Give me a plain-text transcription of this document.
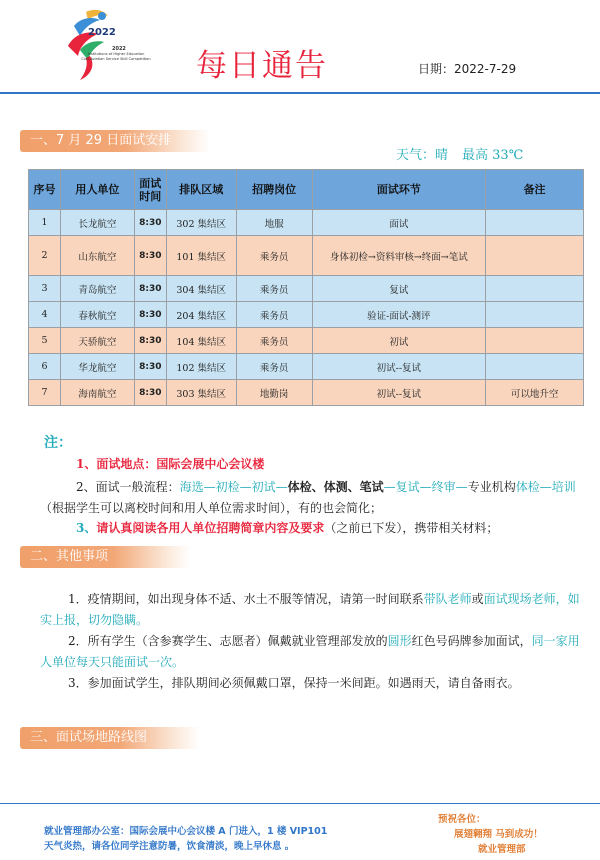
2022
2022
Institutions of Higher Education
Civil Aviation Service Skill Competition 每日通告	日期：2022-7-29
一、7 月 29 日面试安排
天气：晴 最高 33℃
序号	用人单位	面试时间	排队区域	招聘岗位	面试环节	备注
1	长龙航空	8:30	302 集结区	地服	面试	
2	山东航空	8:30	101 集结区	乘务员	身体初检→资料审核→终面→笔试	
3	青岛航空	8:30	304 集结区	乘务员	复试	
4	春秋航空	8:30	204 集结区	乘务员	验证-面试-测评	
5	天骄航空	8:30	104 集结区	乘务员	初试	
6	华龙航空	8:30	102 集结区	乘务员	初试--复试	
7	海南航空	8:30	303 集结区	地勤岗	初试--复试	可以地升空
注：
1、面试地点：国际会展中心会议楼
2、面试一般流程：海选—初检—初试—体检、体测、笔试—复试—终审—专业机构体检—培训（根据学生可以离校时间和用人单位需求时间），有的也会简化；
3、请认真阅读各用人单位招聘简章内容及要求（之前已下发），携带相关材料；
二、其他事项
1．疫情期间，如出现身体不适、水土不服等情况，请第一时间联系带队老师或面试现场老师，如实上报，切勿隐瞒。
2．所有学生（含参赛学生、志愿者）佩戴就业管理部发放的圆形红色号码牌参加面试，同一家用人单位每天只能面试一次。
3．参加面试学生，排队期间必须佩戴口罩，保持一米间距。如遇雨天，请自备雨衣。
三、面试场地路线图
就业管理部办公室：国际会展中心会议楼 A 门进入，1 楼 VIP101
天气炎热，请各位同学注意防暑，饮食清淡，晚上早休息 。
预祝各位：
展翅翱翔 马到成功！
就业管理部
